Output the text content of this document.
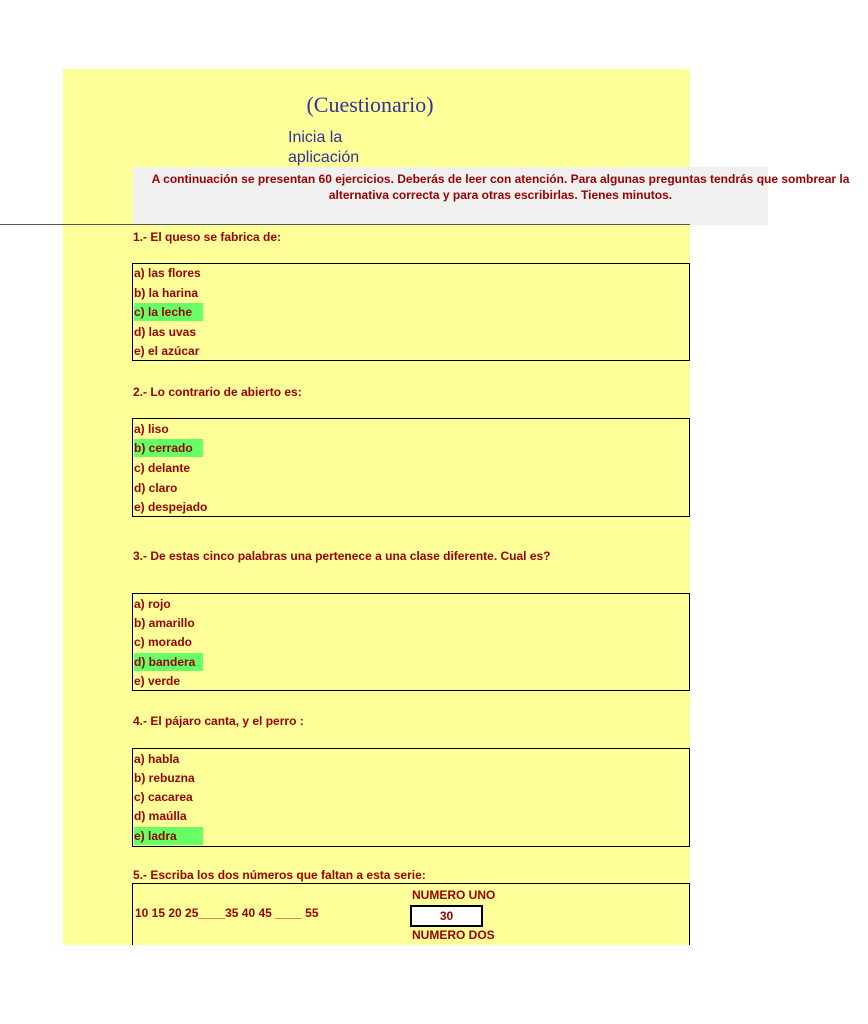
(Cuestionario)
Inicia la aplicación

A continuación se presentan 60 ejercicios. Deberás de leer con atención. Para algunas preguntas tendrás que sombrear la alternativa correcta y para otras escribirlas. Tienes minutos.

1.- El queso se fabrica de:
a) las flores
b) la harina
c) la leche
d) las uvas
e) el azúcar
2.- Lo contrario de abierto es:
a) liso
b) cerrado
c) delante
d) claro
e) despejado
3.- De estas cinco palabras una pertenece a una clase diferente. Cual es?
a) rojo
b) amarillo
c) morado
d) bandera
e) verde
4.- El pájaro canta, y el perro :
a) habla
b) rebuzna
c) cacarea
d) maúlla
e) ladra
5.- Escriba los dos números que faltan a esta serie:
10 15 20 25____35 40 45 ____ 55
NUMERO UNO
30
NUMERO DOS
